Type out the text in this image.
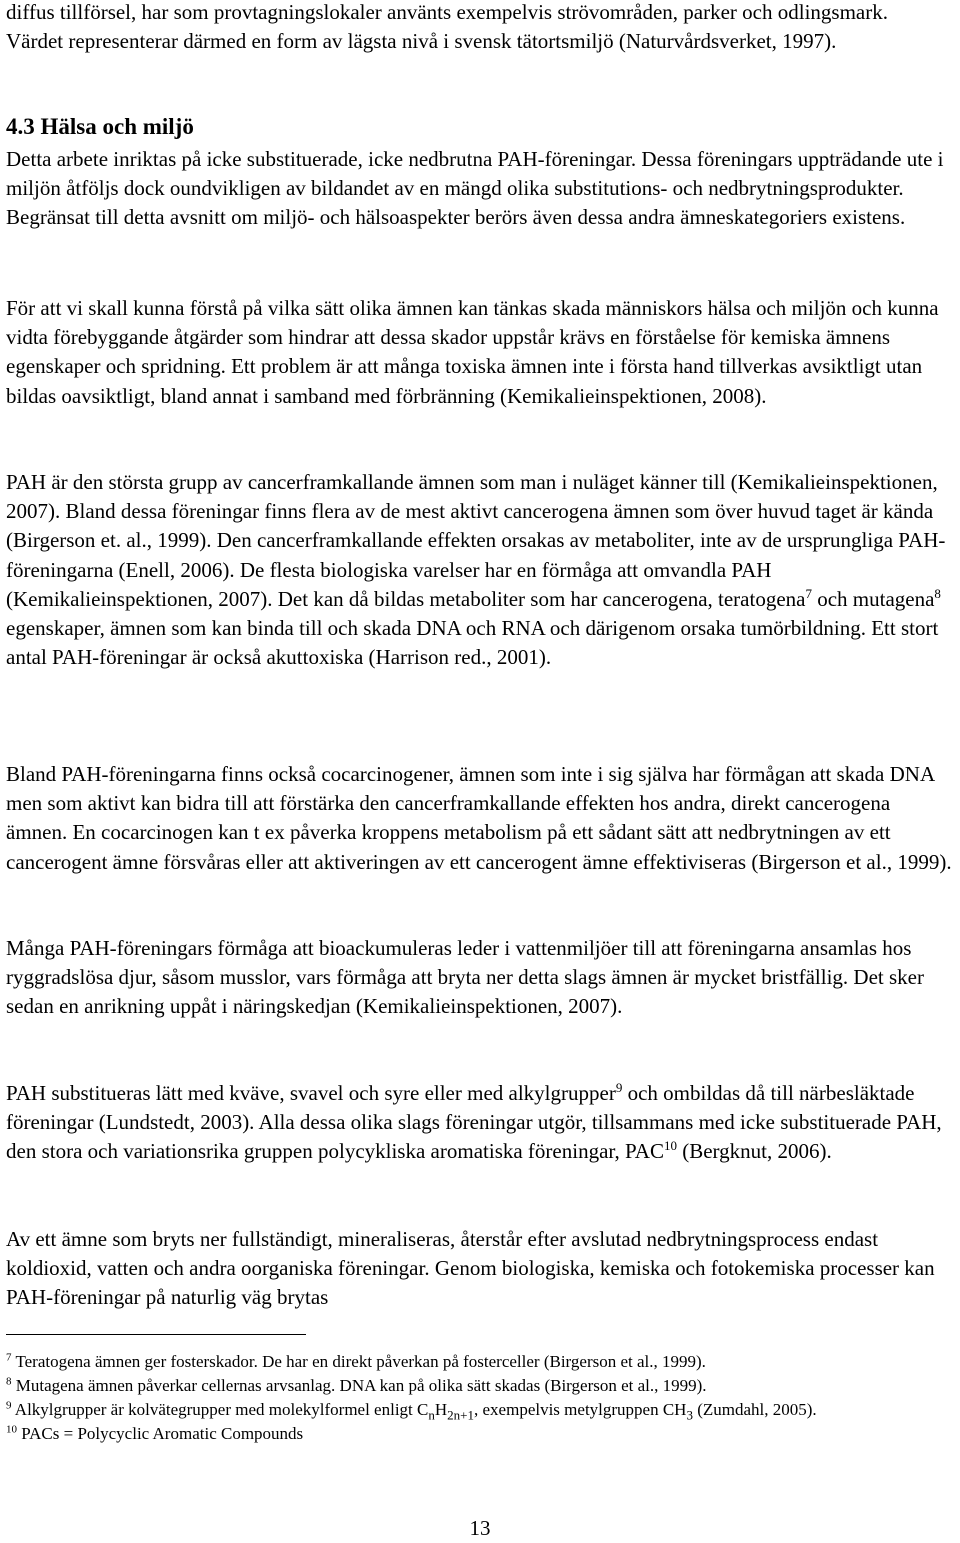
diffus tillförsel, har som provtagningslokaler använts exempelvis strövområden, parker och odlingsmark. Värdet representerar därmed en form av lägsta nivå i svensk tätortsmiljö (Naturvårdsverket, 1997).

4.3 Hälsa och miljö

Detta arbete inriktas på icke substituerade, icke nedbrutna PAH-föreningar. Dessa föreningars uppträdande ute i miljön åtföljs dock oundvikligen av bildandet av en mängd olika substitutions- och nedbrytningsprodukter. Begränsat till detta avsnitt om miljö- och hälsoaspekter berörs även dessa andra ämneskategoriers existens.

För att vi skall kunna förstå på vilka sätt olika ämnen kan tänkas skada människors hälsa och miljön och kunna vidta förebyggande åtgärder som hindrar att dessa skador uppstår krävs en förståelse för kemiska ämnens egenskaper och spridning. Ett problem är att många toxiska ämnen inte i första hand tillverkas avsiktligt utan bildas oavsiktligt, bland annat i samband med förbränning (Kemikalieinspektionen, 2008).

PAH är den största grupp av cancerframkallande ämnen som man i nuläget känner till (Kemikalieinspektionen, 2007). Bland dessa föreningar finns flera av de mest aktivt cancerogena ämnen som över huvud taget är kända (Birgerson et. al., 1999). Den cancerframkallande effekten orsakas av metaboliter, inte av de ursprungliga PAH-föreningarna (Enell, 2006). De flesta biologiska varelser har en förmåga att omvandla PAH (Kemikalieinspektionen, 2007). Det kan då bildas metaboliter som har cancerogena, teratogena$^7$ och mutagena$^8$ egenskaper, ämnen som kan binda till och skada DNA och RNA och därigenom orsaka tumörbildning. Ett stort antal PAH-föreningar är också akuttoxiska (Harrison red., 2001).

Bland PAH-föreningarna finns också cocarcinogener, ämnen som inte i sig själva har förmågan att skada DNA men som aktivt kan bidra till att förstärka den cancerframkallande effekten hos andra, direkt cancerogena ämnen. En cocarcinogen kan t ex påverka kroppens metabolism på ett sådant sätt att nedbrytningen av ett cancerogent ämne försvåras eller att aktiveringen av ett cancerogent ämne effektiviseras (Birgerson et al., 1999).

Många PAH-föreningars förmåga att bioackumuleras leder i vattenmiljöer till att föreningarna ansamlas hos ryggradslösa djur, såsom musslor, vars förmåga att bryta ner detta slags ämnen är mycket bristfällig. Det sker sedan en anrikning uppåt i näringskedjan (Kemikalieinspektionen, 2007).

PAH substitueras lätt med kväve, svavel och syre eller med alkylgrupper$^9$ och ombildas då till närbesläktade föreningar (Lundstedt, 2003). Alla dessa olika slags föreningar utgör, tillsammans med icke substituerade PAH, den stora och variationsrika gruppen polycykliska aromatiska föreningar, PAC$^{10}$ (Bergknut, 2006).

Av ett ämne som bryts ner fullständigt, mineraliseras, återstår efter avslutad nedbrytningsprocess endast koldioxid, vatten och andra oorganiska föreningar. Genom biologiska, kemiska och fotokemiska processer kan PAH-föreningar på naturlig väg brytas

$^7$ Teratogena ämnen ger fosterskador. De har en direkt påverkan på fosterceller (Birgerson et al., 1999).
$^8$ Mutagena ämnen påverkar cellernas arvsanlag. DNA kan på olika sätt skadas (Birgerson et al., 1999).
$^9$ Alkylgrupper är kolvätegrupper med molekylformel enligt $C_nH_{2n+1}$, exempelvis metylgruppen $CH_3$ (Zumdahl, 2005).
$^{10}$ PACs = Polycyclic Aromatic Compounds
13
